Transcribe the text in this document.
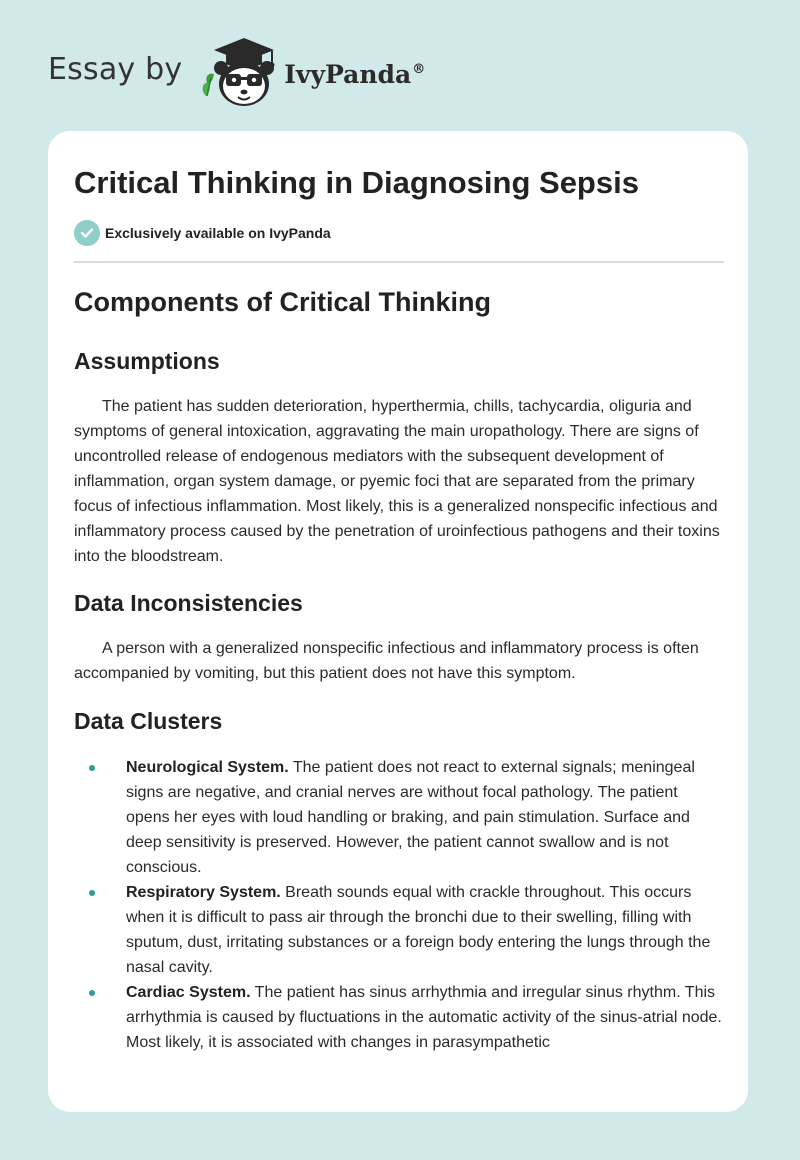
Essay by	IvyPanda®
Critical Thinking in Diagnosing Sepsis
Exclusively available on IvyPanda
Components of Critical Thinking
Assumptions

The patient has sudden deterioration, hyperthermia, chills, tachycardia, oliguria and symptoms of general intoxication, aggravating the main uropathology. There are signs of uncontrolled release of endogenous mediators with the subsequent development of inflammation, organ system damage, or pyemic foci that are separated from the primary focus of infectious inflammation. Most likely, this is a generalized nonspecific infectious and inflammatory process caused by the penetration of uroinfectious pathogens and their toxins into the bloodstream.

Data Inconsistencies

A person with a generalized nonspecific infectious and inflammatory process is often accompanied by vomiting, but this patient does not have this symptom.

Data Clusters
Neurological System. The patient does not react to external signals; meningeal signs are negative, and cranial nerves are without focal pathology. The patient opens her eyes with loud handling or braking, and pain stimulation. Surface and deep sensitivity is preserved. However, the patient cannot swallow and is not conscious.
Respiratory System. Breath sounds equal with crackle throughout. This occurs when it is difficult to pass air through the bronchi due to their swelling, filling with sputum, dust, irritating substances or a foreign body entering the lungs through the nasal cavity.
Cardiac System. The patient has sinus arrhythmia and irregular sinus rhythm. This arrhythmia is caused by fluctuations in the automatic activity of the sinus-atrial node. Most likely, it is associated with changes in parasympathetic
